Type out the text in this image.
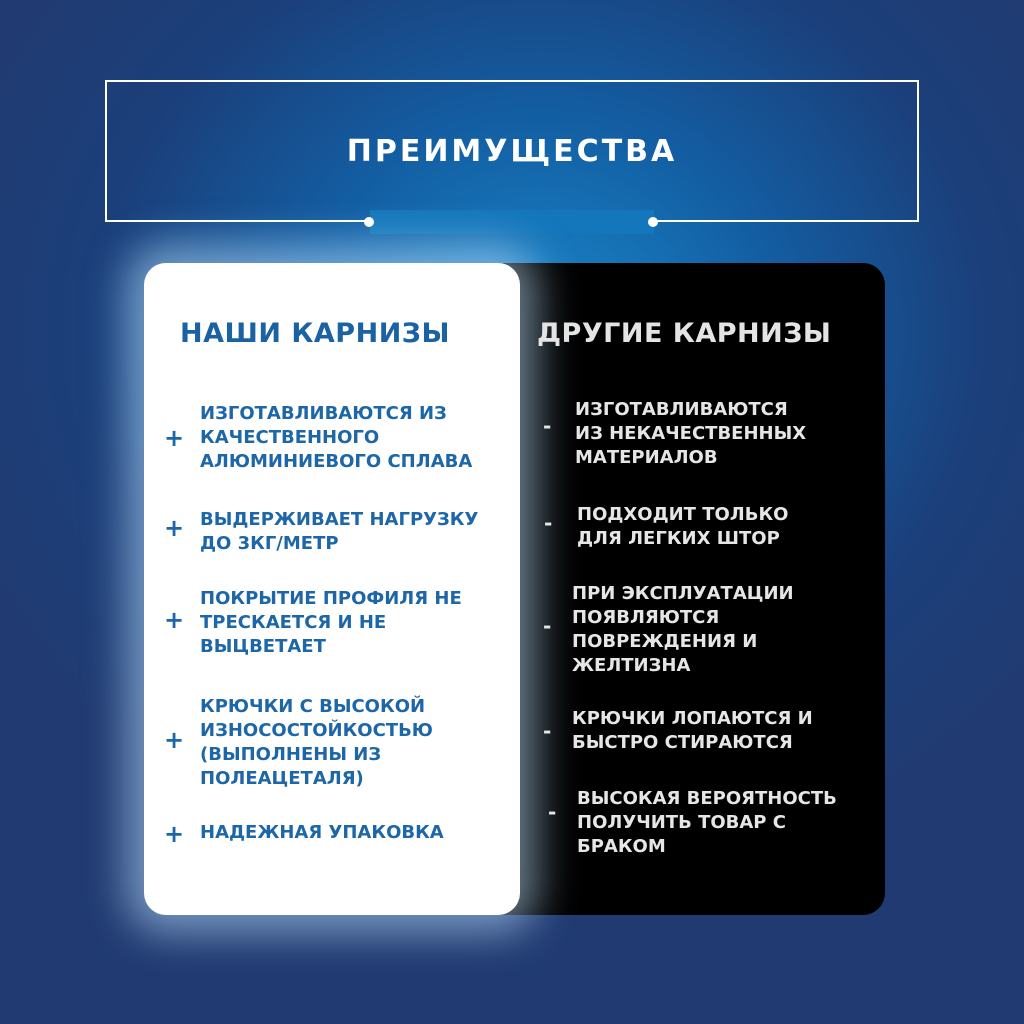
ПРЕИМУЩЕСТВА
НАШИ КАРНИЗЫ	ДРУГИЕ КАРНИЗЫ
+
ИЗГОТАВЛИВАЮТСЯ ИЗ
КАЧЕСТВЕННОГО
АЛЮМИНИЕВОГО СПЛАВА
+ ВЫДЕРЖИВАЕТ НАГРУЗКУ
ДО 3КГ/МЕТР
+
ПОКРЫТИЕ ПРОФИЛЯ НЕ
ТРЕСКАЕТСЯ И НЕ
ВЫЦВЕТАЕТ
+
КРЮЧКИ С ВЫСОКОЙ
ИЗНОСОСТОЙКОСТЬЮ
(ВЫПОЛНЕНЫ ИЗ
ПОЛЕАЦЕТАЛЯ)
+ НАДЕЖНАЯ УПАКОВКА
-
ИЗГОТАВЛИВАЮТСЯ
ИЗ НЕКАЧЕСТВЕННЫХ
МАТЕРИАЛОВ
- ПОДХОДИТ ТОЛЬКО
ДЛЯ ЛЕГКИХ ШТОР
-
ПРИ ЭКСПЛУАТАЦИИ
ПОЯВЛЯЮТСЯ
ПОВРЕЖДЕНИЯ И
ЖЕЛТИЗНА
-
КРЮЧКИ ЛОПАЮТСЯ И
БЫСТРО СТИРАЮТСЯ
-
ВЫСОКАЯ ВЕРОЯТНОСТЬ
ПОЛУЧИТЬ ТОВАР С
БРАКОМ
